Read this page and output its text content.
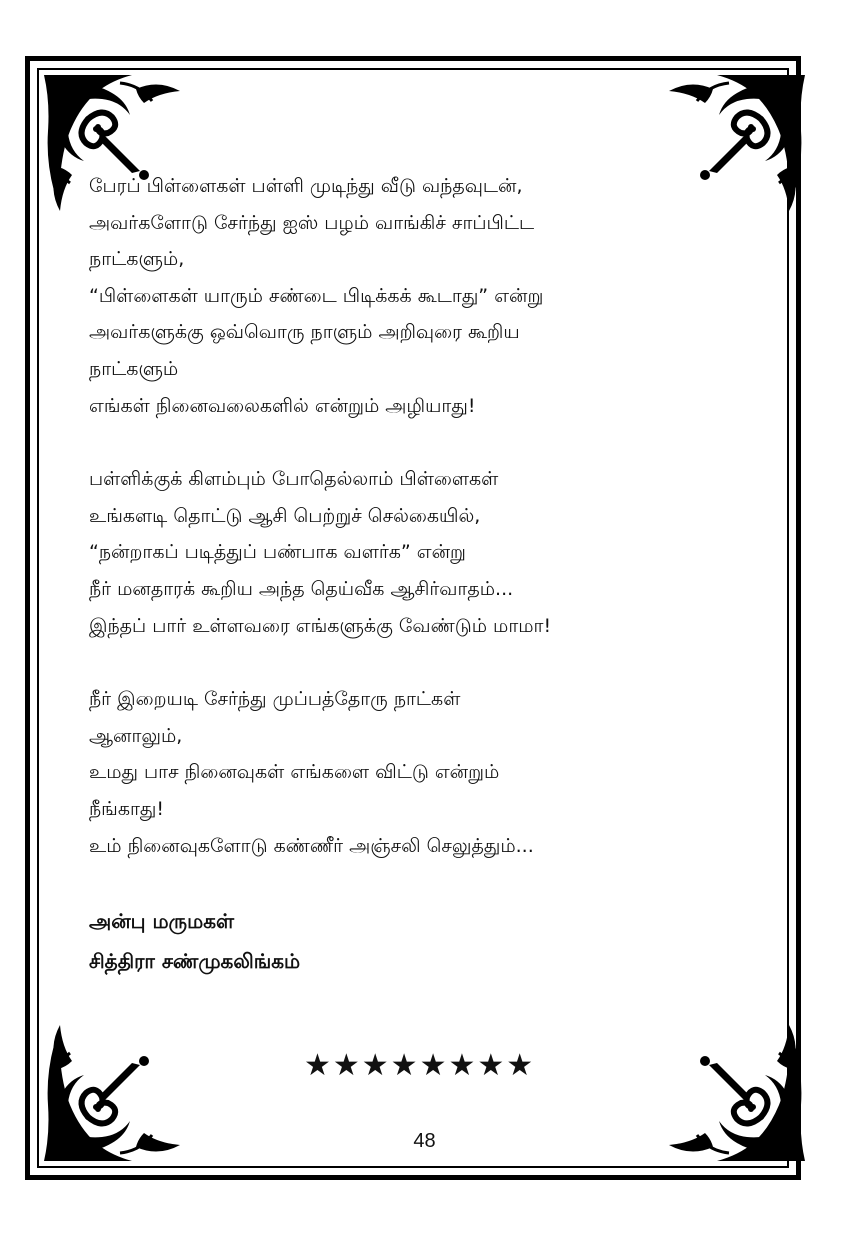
பேரப் பிள்ளைகள் பள்ளி முடிந்து வீடு வந்தவுடன்,
அவர்களோடு சேர்ந்து ஐஸ் பழம் வாங்கிச் சாப்பிட்ட
நாட்களும்,
“பிள்ளைகள் யாரும் சண்டை பிடிக்கக் கூடாது” என்று
அவர்களுக்கு ஒவ்வொரு நாளும் அறிவுரை கூறிய
நாட்களும்
எங்கள் நினைவலைகளில் என்றும் அழியாது!
பள்ளிக்குக் கிளம்பும் போதெல்லாம் பிள்ளைகள்
உங்களடி தொட்டு ஆசி பெற்றுச் செல்கையில்,
“நன்றாகப் படித்துப் பண்பாக வளர்க” என்று
நீர் மனதாரக் கூறிய அந்த தெய்வீக ஆசிர்வாதம்...
இந்தப் பார் உள்ளவரை எங்களுக்கு வேண்டும் மாமா!
நீர் இறையடி சேர்ந்து முப்பத்தோரு நாட்கள்
ஆனாலும்,
உமது பாச நினைவுகள் எங்களை விட்டு என்றும்
நீங்காது!
உம் நினைவுகளோடு கண்ணீர் அஞ்சலி செலுத்தும்...
அன்பு மருமகள்
சித்திரா சண்முகலிங்கம்
★★★★★★★★
48
